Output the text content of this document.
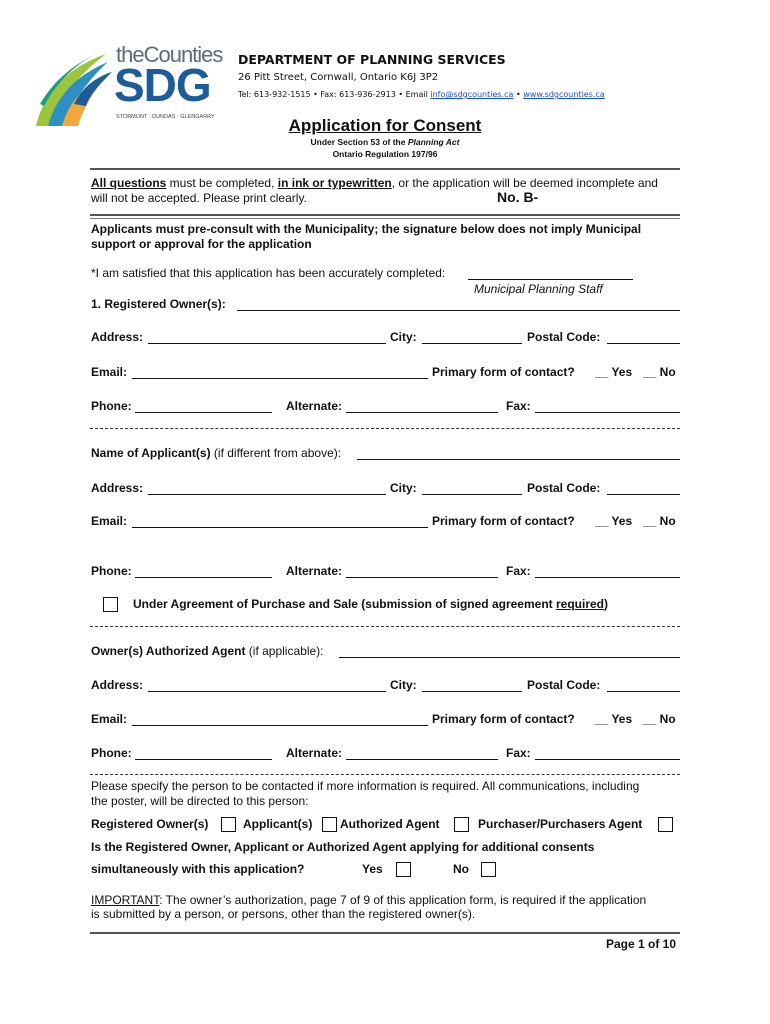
theCounties
SDG
STORMONT · DUNDAS · GLENGARRY
DEPARTMENT OF PLANNING SERVICES
26 Pitt Street, Cornwall, Ontario K6J 3P2
Tel: 613-932-1515 • Fax: 613-936-2913 • Email info@sdgcounties.ca • www.sdgcounties.ca
Application for Consent
Under Section 53 of the Planning Act
Ontario Regulation 197/96
All questions must be completed, in ink or typewritten, or the application will be deemed incomplete and
will not be accepted. Please print clearly.	No. B-
Applicants must pre-consult with the Municipality; the signature below does not imply Municipal
support or approval for the application
*I am satisfied that this application has been accurately completed:
Municipal Planning Staff
1. Registered Owner(s):
Address:	City:	Postal Code:
Email:	Primary form of contact? __ Yes __ No
Phone:	Alternate:	Fax:
Name of Applicant(s) (if different from above):
Address:	City:	Postal Code:
Email:	Primary form of contact? __ Yes __ No
Phone:	Alternate:	Fax:
Under Agreement of Purchase and Sale (submission of signed agreement required)
Owner(s) Authorized Agent (if applicable):
Address:	City:	Postal Code:
Email:	Primary form of contact? __ Yes __ No
Phone:	Alternate:	Fax:
Please specify the person to be contacted if more information is required. All communications, including
the poster, will be directed to this person:
Registered Owner(s)	Applicant(s) Authorized Agent	Purchaser/Purchasers Agent
Is the Registered Owner, Applicant or Authorized Agent applying for additional consents
simultaneously with this application?	Yes	No
IMPORTANT: The owner’s authorization, page 7 of 9 of this application form, is required if the application
is submitted by a person, or persons, other than the registered owner(s).
Page 1 of 10
